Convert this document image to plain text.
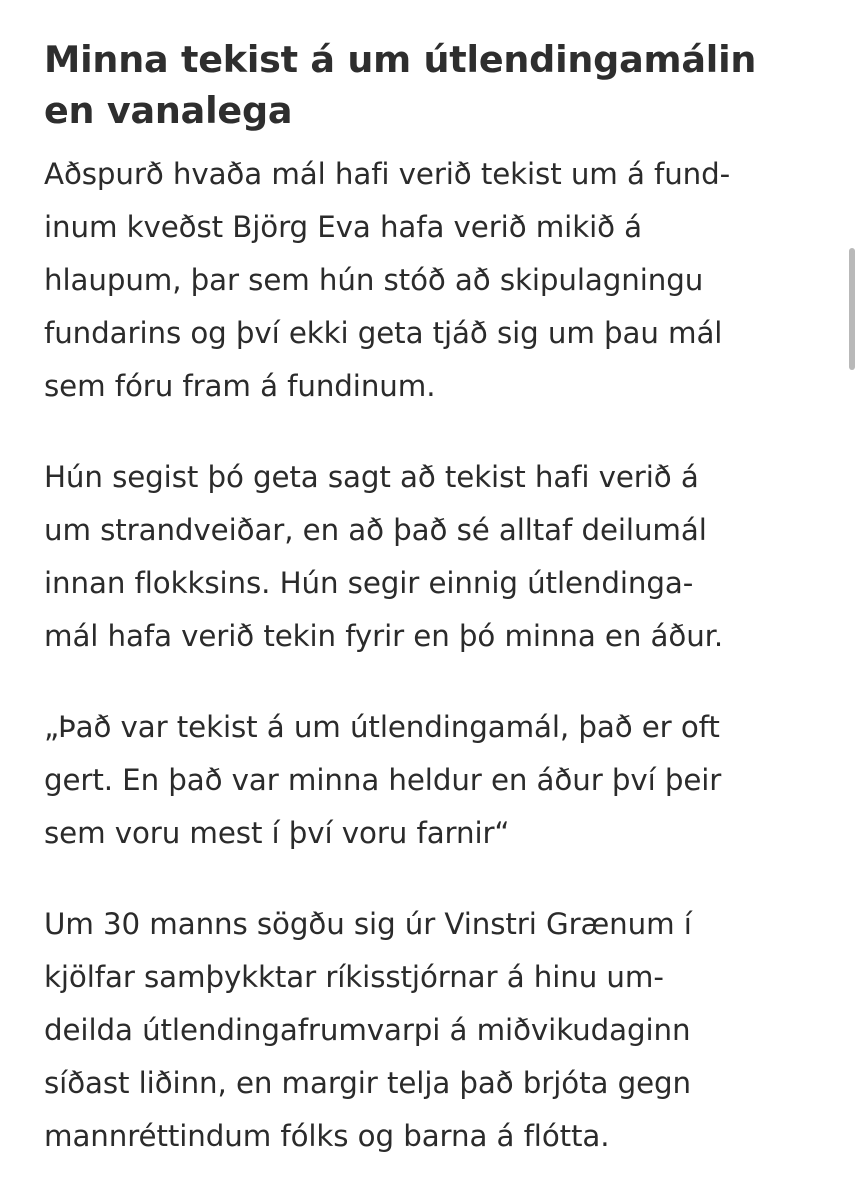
Minna tekist á um útlendingamálin
en vanalega

Aðspurð hvaða mál hafi verið tekist um á fund-
inum kveðst Björg Eva hafa verið mikið á
hlaupum, þar sem hún stóð að skipulagningu
fundarins og því ekki geta tjáð sig um þau mál
sem fóru fram á fundinum.

Hún segist þó geta sagt að tekist hafi verið á
um strandveiðar, en að það sé alltaf deilumál
innan flokksins. Hún segir einnig útlendinga-
mál hafa verið tekin fyrir en þó minna en áður.

„Það var tekist á um útlendingamál, það er oft
gert. En það var minna heldur en áður því þeir
sem voru mest í því voru farnir“

Um 30 manns sögðu sig úr Vinstri Grænum í
kjölfar samþykktar ríkisstjórnar á hinu um-
deilda útlendingafrumvarpi á miðvikudaginn
síðast liðinn, en margir telja það brjóta gegn
mannréttindum fólks og barna á flótta.
